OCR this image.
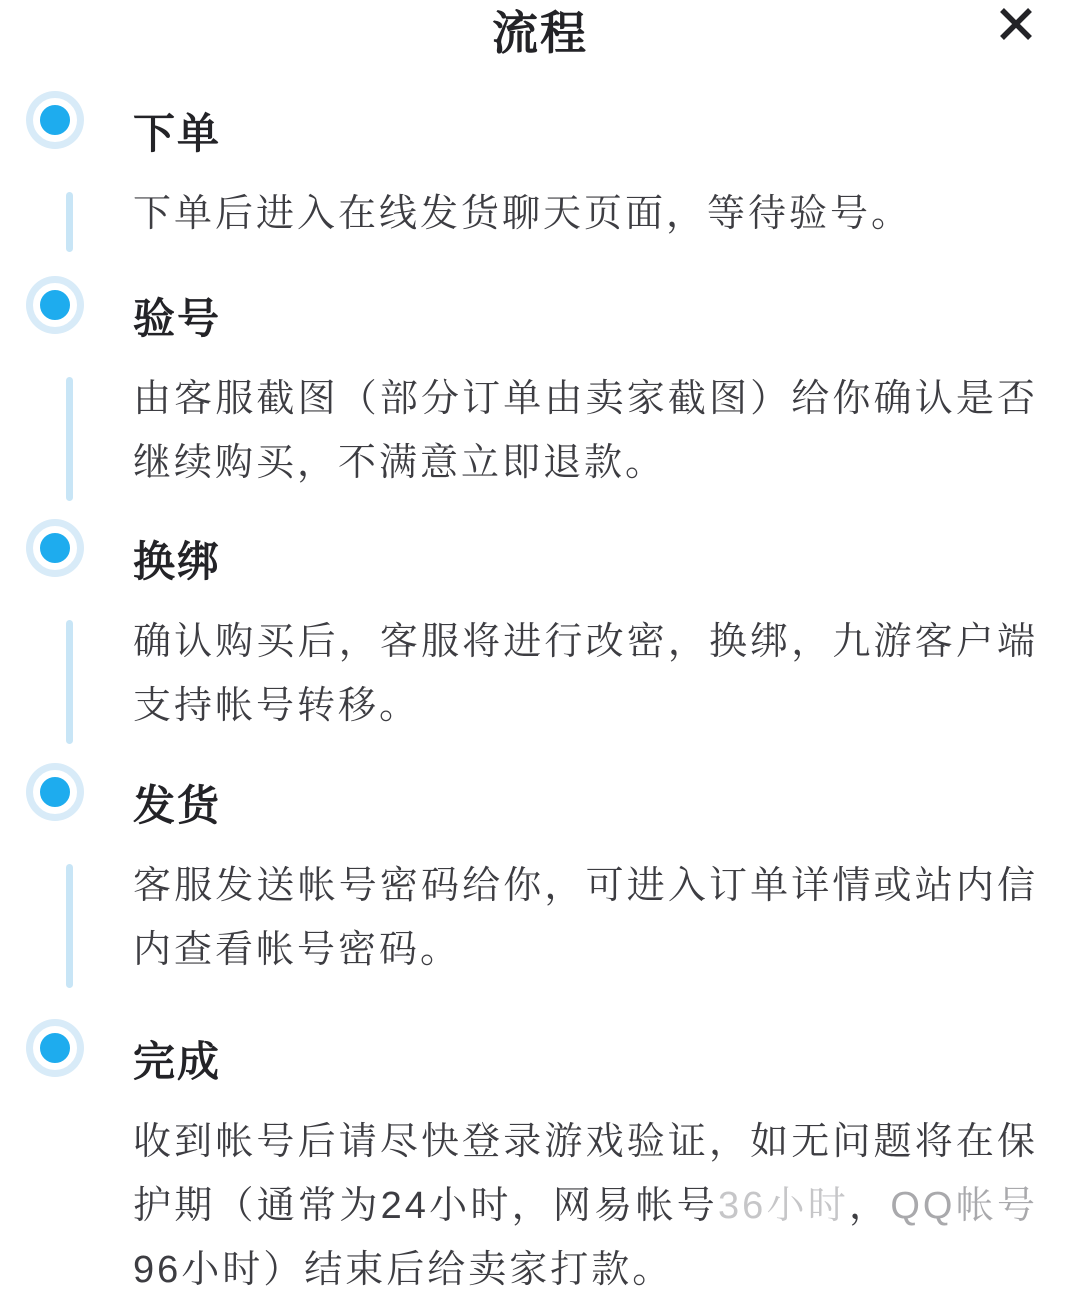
流程
下单
下单后进入在线发货聊天页面，等待验号。
验号
由客服截图（部分订单由卖家截图）给你确认是否继续购买，不满意立即退款。
换绑
确认购买后，客服将进行改密，换绑，九游客户端支持帐号转移。
发货
客服发送帐号密码给你，可进入订单详情或站内信内查看帐号密码。
完成
收到帐号后请尽快登录游戏验证，如无问题将在保护期（通常为24小时，网易帐号36小时，QQ帐号96小时）结束后给卖家打款。
